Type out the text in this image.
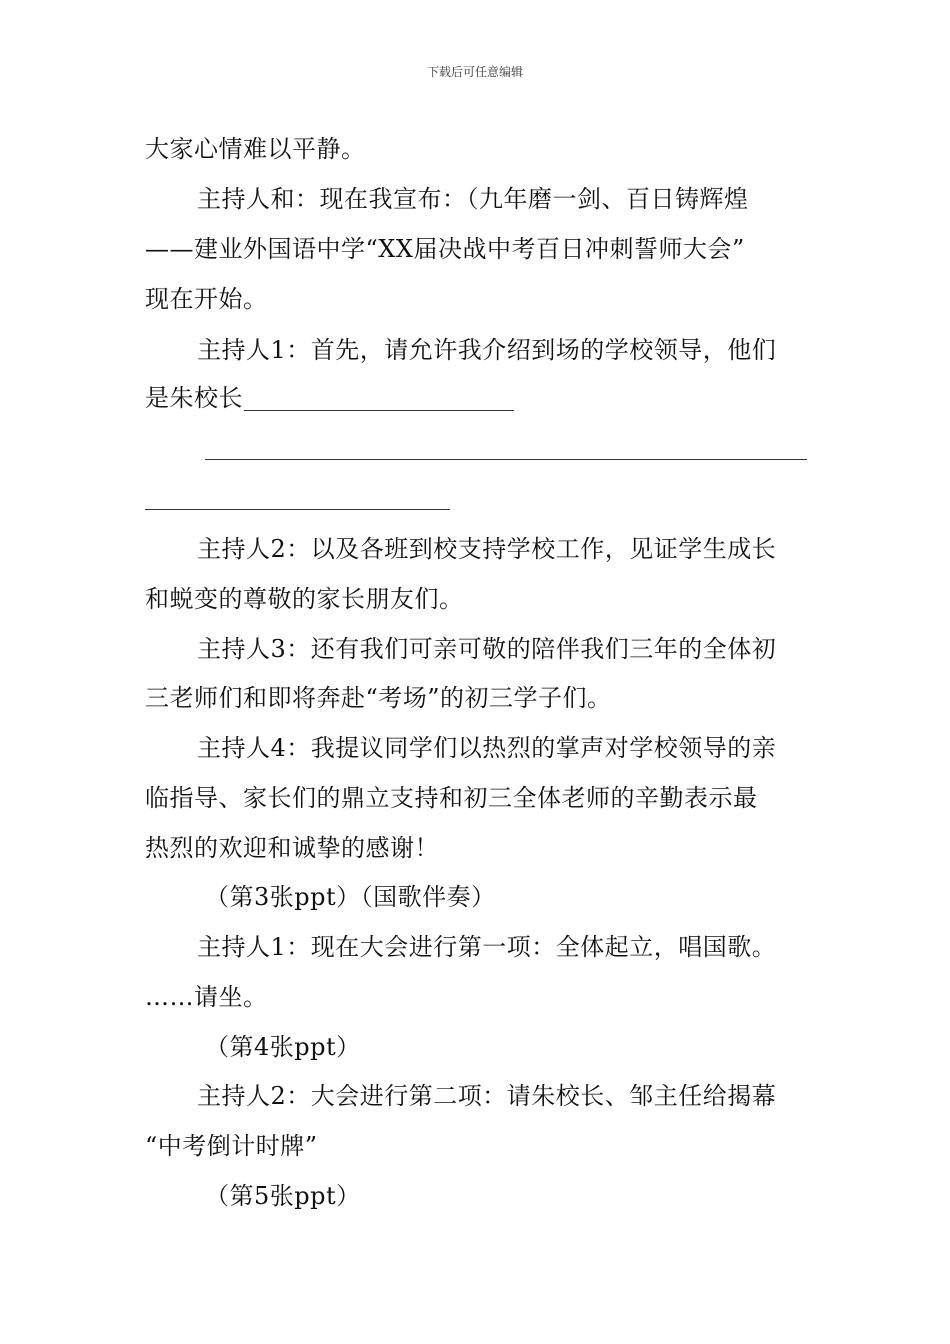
下载后可任意编辑
大家心情难以平静。
主持人和：现在我宣布：（九年磨一剑、百日铸辉煌
——建业外国语中学“XX届决战中考百日冲刺誓师大会”
现在开始。
主持人1：首先，请允许我介绍到场的学校领导，他们
是朱校长
主持人2：以及各班到校支持学校工作，见证学生成长
和蜕变的尊敬的家长朋友们。
主持人3：还有我们可亲可敬的陪伴我们三年的全体初
三老师们和即将奔赴“考场”的初三学子们。
主持人4：我提议同学们以热烈的掌声对学校领导的亲
临指导、家长们的鼎立支持和初三全体老师的辛勤表示最
热烈的欢迎和诚挚的感谢！
（第3张ppt）（国歌伴奏）
主持人1：现在大会进行第一项：全体起立，唱国歌。
……请坐。
（第4张ppt）
主持人2：大会进行第二项：请朱校长、邹主任给揭幕
“中考倒计时牌”
（第5张ppt）
